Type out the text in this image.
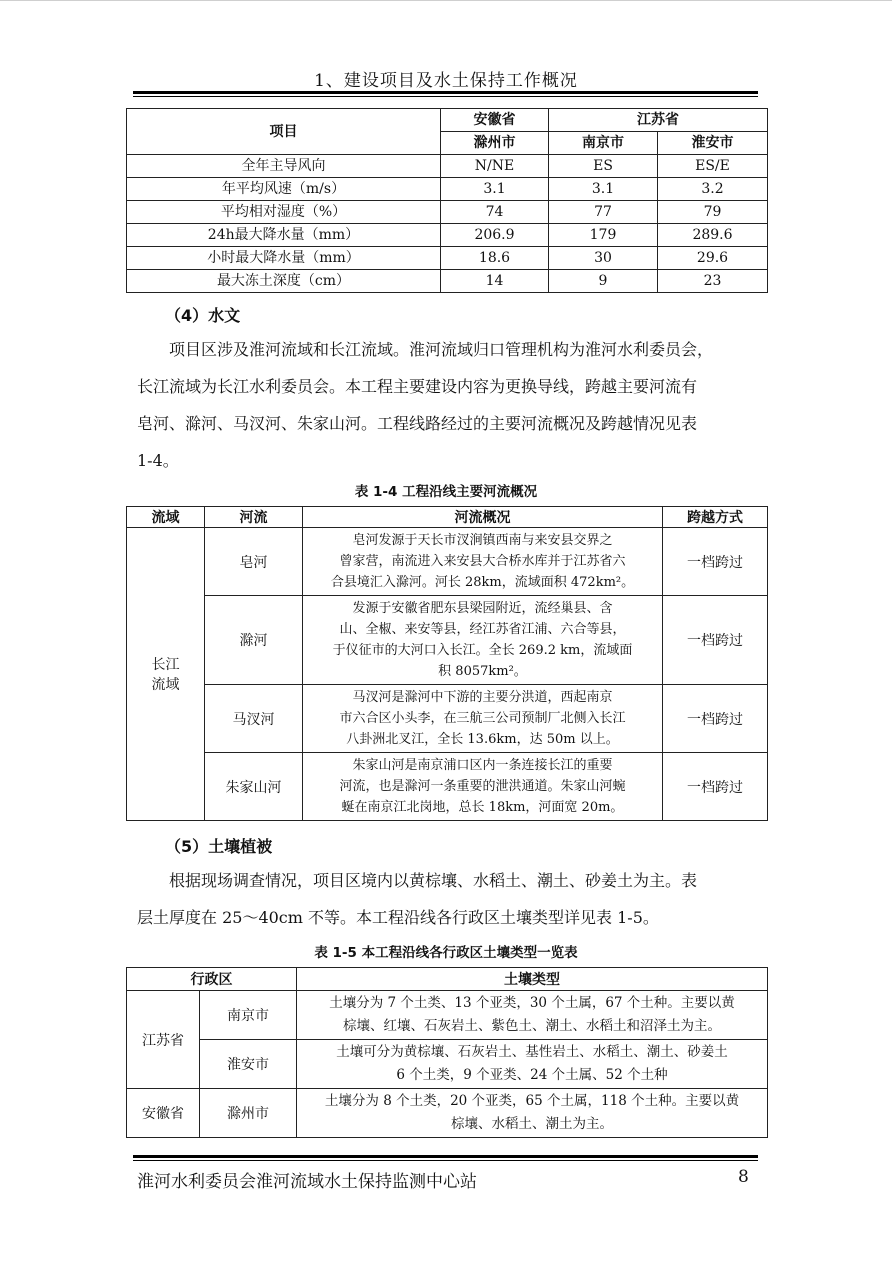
1、建设项目及水土保持工作概况
项目	安徽省	江苏省	
	滁州市	南京市	淮安市
全年主导风向	N/NE	ES	ES/E
年平均风速（m/s）	3.1	3.1	3.2
平均相对湿度（%）	74	77	79
24h最大降水量（mm）	206.9	179	289.6
小时最大降水量（mm）	18.6	30	29.6
最大冻土深度（cm）	14	9	23
（4）水文
项目区涉及淮河流域和长江流域。淮河流域归口管理机构为淮河水利委员会，
长江流域为长江水利委员会。本工程主要建设内容为更换导线，跨越主要河流有
皂河、滁河、马汊河、朱家山河。工程线路经过的主要河流概况及跨越情况见表
1-4。
表 1-4 工程沿线主要河流概况
流域	河流	河流概况	跨越方式

长江
流域	皂河	皂河发源于天长市汊涧镇西南与来安县交界之
曾家营，南流进入来安县大合桥水库并于江苏省六
合县境汇入滁河。河长 28km，流域面积 472km²。	一档跨过
	滁河	发源于安徽省肥东县梁园附近，流经巢县、含
山、全椒、来安等县，经江苏省江浦、六合等县，
于仪征市的大河口入长江。全长 269.2 km，流域面
积 8057km²。	一档跨过
	马汊河	马汊河是滁河中下游的主要分洪道，西起南京
市六合区小头李，在三航三公司预制厂北侧入长江
八卦洲北叉江，全长 13.6km，达 50m 以上。	一档跨过
	朱家山河	朱家山河是南京浦口区内一条连接长江的重要
河流，也是滁河一条重要的泄洪通道。朱家山河蜿
蜒在南京江北岗地，总长 18km，河面宽 20m。	一档跨过
（5）土壤植被
根据现场调查情况，项目区境内以黄棕壤、水稻土、潮土、砂姜土为主。表
层土厚度在 25～40cm 不等。本工程沿线各行政区土壤类型详见表 1-5。
表 1-5 本工程沿线各行政区土壤类型一览表
行政区		土壤类型
江苏省	南京市	土壤分为 7 个土类、13 个亚类，30 个土属，67 个土种。主要以黄
棕壤、红壤、石灰岩土、紫色土、潮土、水稻土和沼泽土为主。

	淮安市	土壤可分为黄棕壤、石灰岩土、基性岩土、水稻土、潮土、砂姜土
6 个土类，9 个亚类、24 个土属、52 个土种

安徽省	滁州市	土壤分为 8 个土类，20 个亚类，65 个土属，118 个土种。主要以黄
棕壤、水稻土、潮土为主。
淮河水利委员会淮河流域水土保持监测中心站	8
